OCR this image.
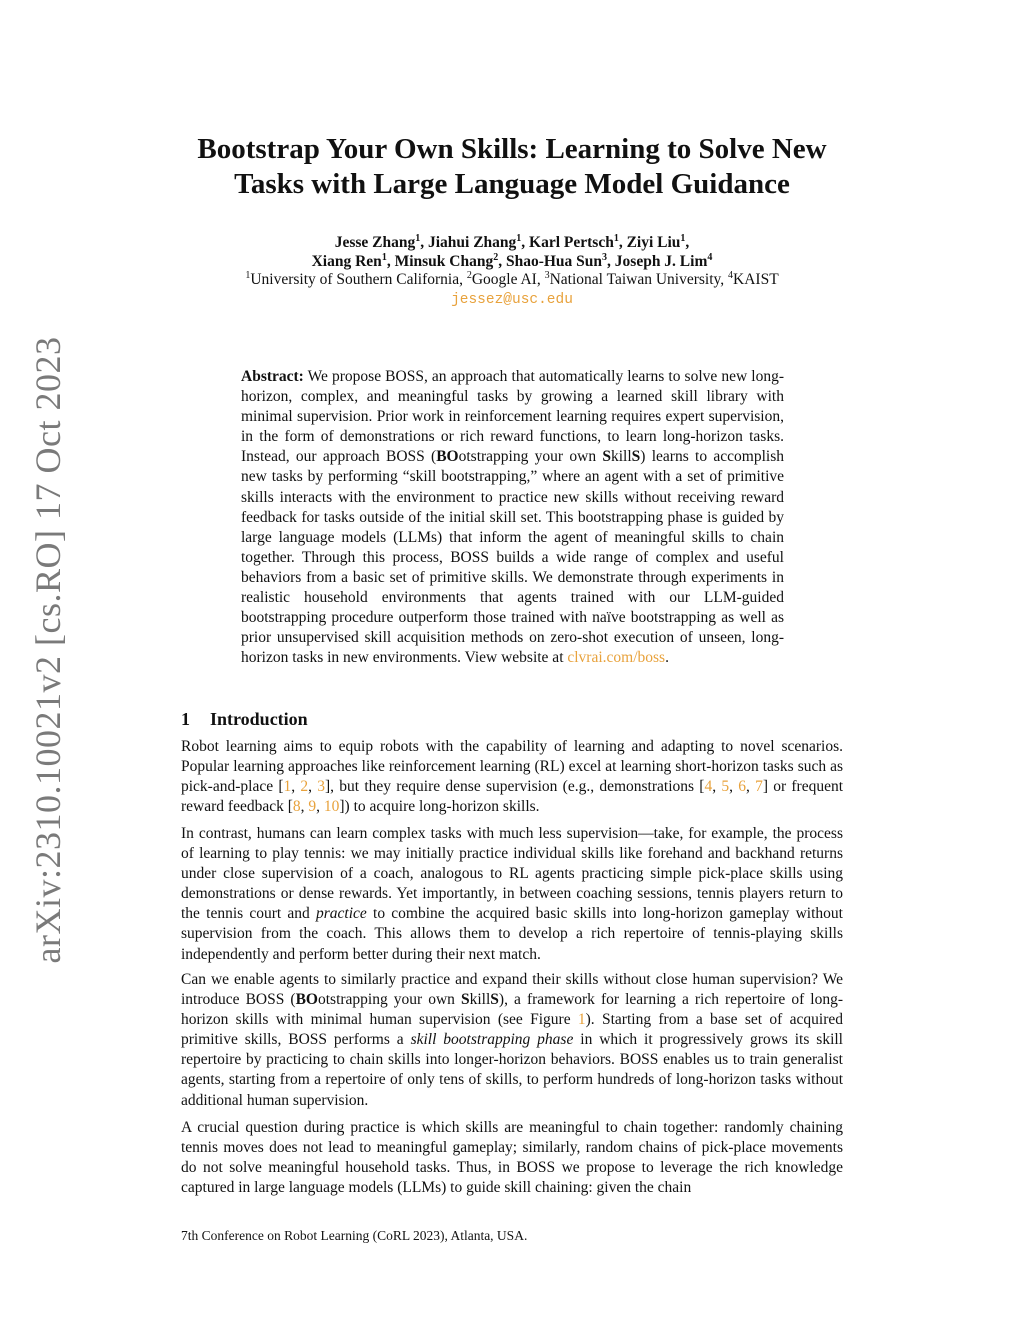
arXiv:2310.10021v2 [cs.RO] 17 Oct 2023
Bootstrap Your Own Skills: Learning to Solve New
Tasks with Large Language Model Guidance
Jesse Zhang$^1$, Jiahui Zhang$^1$, Karl Pertsch$^1$, Ziyi Liu$^1$,
Xiang Ren$^1$, Minsuk Chang$^2$, Shao-Hua Sun$^3$, Joseph J. Lim$^4$
$^1$University of Southern California, $^2$Google AI, $^3$National Taiwan University, $^4$KAIST
jessez@usc.edu
Abstract: We propose BOSS, an approach that automatically learns to solve new long-horizon, complex, and meaningful tasks by growing a learned skill library with minimal supervision. Prior work in reinforcement learning requires expert supervision, in the form of demonstrations or rich reward functions, to learn long-horizon tasks. Instead, our approach BOSS (BOotstrapping your own SkillS) learns to accomplish new tasks by performing “skill bootstrapping,” where an agent with a set of primitive skills interacts with the environment to practice new skills without receiving reward feedback for tasks outside of the initial skill set. This bootstrapping phase is guided by large language models (LLMs) that inform the agent of meaningful skills to chain together. Through this process, BOSS builds a wide range of complex and useful behaviors from a basic set of primitive skills. We demonstrate through experiments in realistic household environments that agents trained with our LLM-guided bootstrapping procedure outperform those trained with naïve bootstrapping as well as prior unsupervised skill acquisition methods on zero-shot execution of unseen, long-horizon tasks in new environments. View website at clvrai.com/boss.
1 Introduction
Robot learning aims to equip robots with the capability of learning and adapting to novel scenarios. Popular learning approaches like reinforcement learning (RL) excel at learning short-horizon tasks such as pick-and-place [1, 2, 3], but they require dense supervision (e.g., demonstrations [4, 5, 6, 7] or frequent reward feedback [8, 9, 10]) to acquire long-horizon skills.
In contrast, humans can learn complex tasks with much less supervision—take, for example, the process of learning to play tennis: we may initially practice individual skills like forehand and backhand returns under close supervision of a coach, analogous to RL agents practicing simple pick-place skills using demonstrations or dense rewards. Yet importantly, in between coaching sessions, tennis players return to the tennis court and practice to combine the acquired basic skills into long-horizon gameplay without supervision from the coach. This allows them to develop a rich repertoire of tennis-playing skills independently and perform better during their next match.
Can we enable agents to similarly practice and expand their skills without close human supervision? We introduce BOSS (BOotstrapping your own SkillS), a framework for learning a rich repertoire of long-horizon skills with minimal human supervision (see Figure 1). Starting from a base set of acquired primitive skills, BOSS performs a skill bootstrapping phase in which it progressively grows its skill repertoire by practicing to chain skills into longer-horizon behaviors. BOSS enables us to train generalist agents, starting from a repertoire of only tens of skills, to perform hundreds of long-horizon tasks without additional human supervision.
A crucial question during practice is which skills are meaningful to chain together: randomly chaining tennis moves does not lead to meaningful gameplay; similarly, random chains of pick-place movements do not solve meaningful household tasks. Thus, in BOSS we propose to leverage the rich knowledge captured in large language models (LLMs) to guide skill chaining: given the chain
7th Conference on Robot Learning (CoRL 2023), Atlanta, USA.
